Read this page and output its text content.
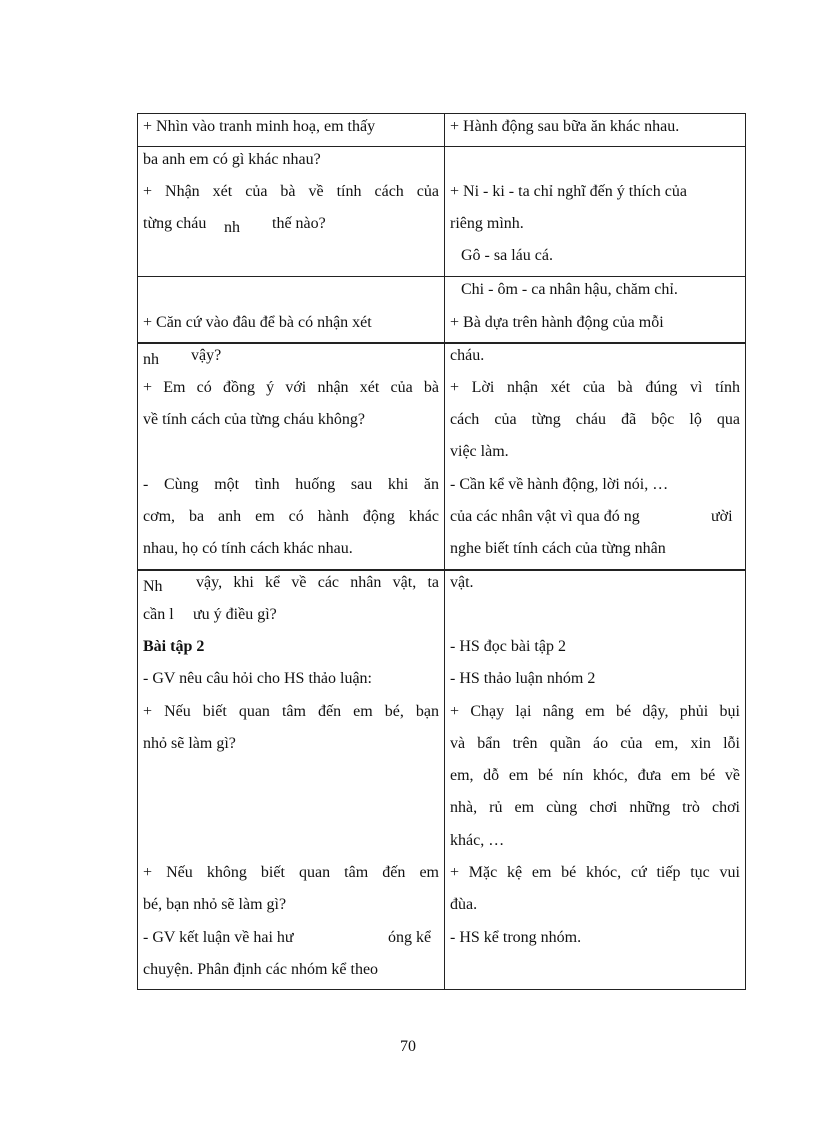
+ Nhìn vào tranh minh hoạ, em thấy
ba anh em có gì khác nhau?
+ Nhận xét của bà về tính cách của
từng cháu nh thế nào?
+ Căn cứ vào đâu để bà có nhận xét
nh vậy?
+ Em có đồng ý với nhận xét của bà
về tính cách của từng cháu không?
- Cùng một tình huống sau khi ăn
cơm, ba anh em có hành động khác
nhau, họ có tính cách khác nhau.
Nh vậy, khi kể về các nhân vật, ta
cần l ưu ý điều gì?
Bài tập 2
- GV nêu câu hỏi cho HS thảo luận:
+ Nếu biết quan tâm đến em bé, bạn
nhỏ sẽ làm gì?
+ Nếu không biết quan tâm đến em
bé, bạn nhỏ sẽ làm gì?
- GV kết luận về hai hư	óng kể
chuyện. Phân định các nhóm kể theo
+ Hành động sau bữa ăn khác nhau.
+ Ni - ki - ta chỉ nghĩ đến ý thích của
riêng mình.
Gô - sa láu cá.
Chi - ôm - ca nhân hậu, chăm chỉ.
+ Bà dựa trên hành động của mỗi
cháu.
+ Lời nhận xét của bà đúng vì tính
cách của từng cháu đã bộc lộ qua
việc làm.
- Cần kể về hành động, lời nói, …
của các nhân vật vì qua đó ng	ười
nghe biết tính cách của từng nhân
vật.
- HS đọc bài tập 2
- HS thảo luận nhóm 2
+ Chạy lại nâng em bé dậy, phủi bụi
và bẩn trên quần áo của em, xin lỗi
em, dỗ em bé nín khóc, đưa em bé về
nhà, rủ em cùng chơi những trò chơi
khác, …
+ Mặc kệ em bé khóc, cứ tiếp tục vui
đùa.
- HS kể trong nhóm.
70
